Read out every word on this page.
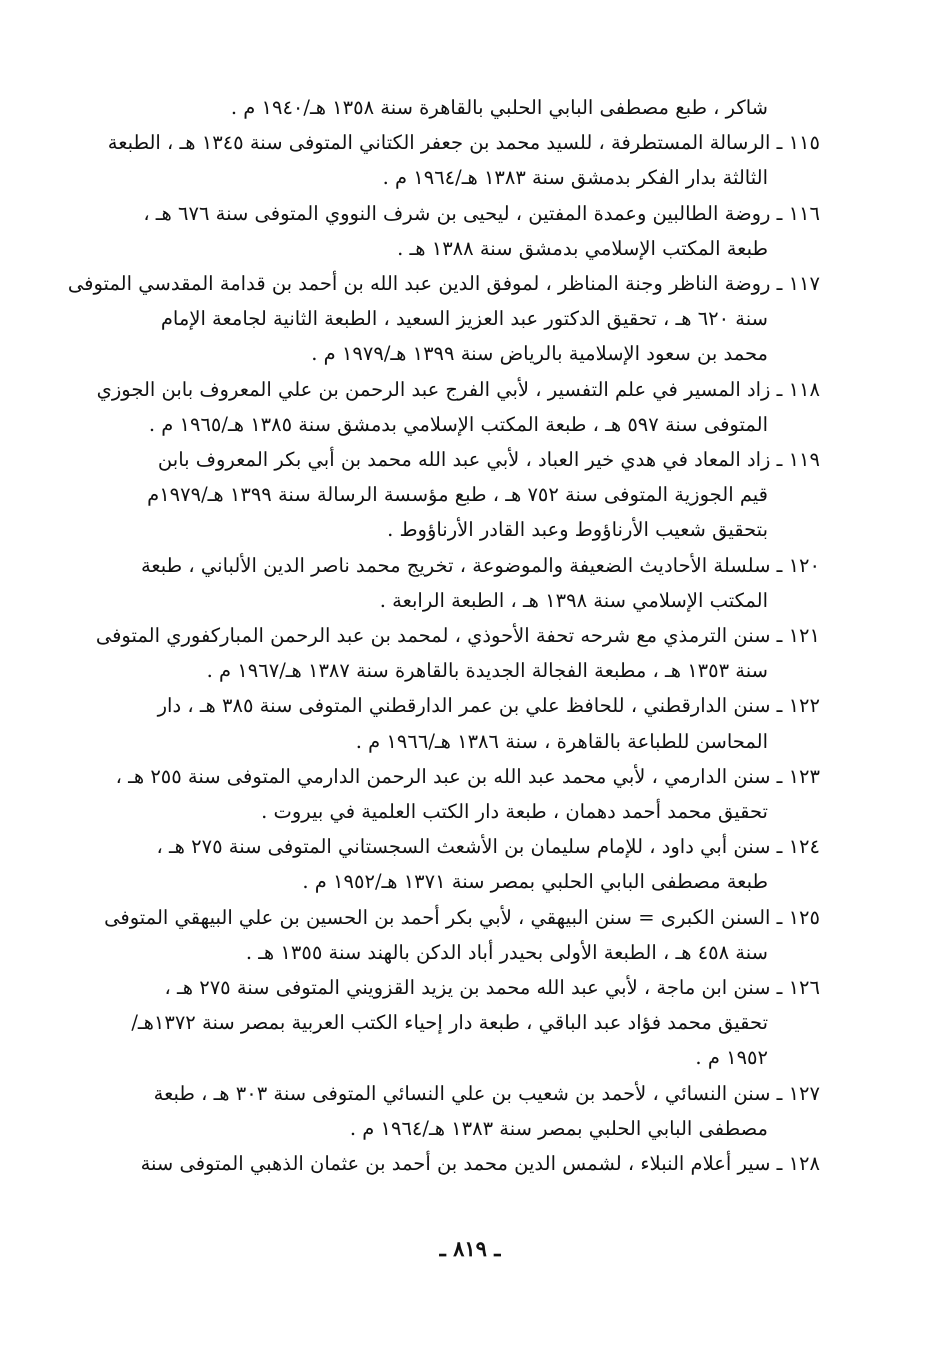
شاكر ، طبع مصطفى البابي الحلبي بالقاهرة سنة ١٣٥٨ هـ/١٩٤٠ م .
١١٥ ـ الرسالة المستطرفة ، للسيد محمد بن جعفر الكتاني المتوفى سنة ١٣٤٥ هـ ، الطبعة
الثالثة بدار الفكر بدمشق سنة ١٣٨٣ هـ/١٩٦٤ م .
١١٦ ـ روضة الطالبين وعمدة المفتين ، ليحيى بن شرف النووي المتوفى سنة ٦٧٦ هـ ،
طبعة المكتب الإسلامي بدمشق سنة ١٣٨٨ هـ .
١١٧ ـ روضة الناظر وجنة المناظر ، لموفق الدين عبد الله بن أحمد بن قدامة المقدسي المتوفى
سنة ٦٢٠ هـ ، تحقيق الدكتور عبد العزيز السعيد ، الطبعة الثانية لجامعة الإمام
محمد بن سعود الإسلامية بالرياض سنة ١٣٩٩ هـ/١٩٧٩ م .
١١٨ ـ زاد المسير في علم التفسير ، لأبي الفرج عبد الرحمن بن علي المعروف بابن الجوزي
المتوفى سنة ٥٩٧ هـ ، طبعة المكتب الإسلامي بدمشق سنة ١٣٨٥ هـ/١٩٦٥ م .
١١٩ ـ زاد المعاد في هدي خير العباد ، لأبي عبد الله محمد بن أبي بكر المعروف بابن
قيم الجوزية المتوفى سنة ٧٥٢ هـ ، طبع مؤسسة الرسالة سنة ١٣٩٩ هـ/١٩٧٩م
بتحقيق شعيب الأرناؤوط وعبد القادر الأرناؤوط .
١٢٠ ـ سلسلة الأحاديث الضعيفة والموضوعة ، تخريج محمد ناصر الدين الألباني ، طبعة
المكتب الإسلامي سنة ١٣٩٨ هـ ، الطبعة الرابعة .
١٢١ ـ سنن الترمذي مع شرحه تحفة الأحوذي ، لمحمد بن عبد الرحمن المباركفوري المتوفى
سنة ١٣٥٣ هـ ، مطبعة الفجالة الجديدة بالقاهرة سنة ١٣٨٧ هـ/١٩٦٧ م .
١٢٢ ـ سنن الدارقطني ، للحافظ علي بن عمر الدارقطني المتوفى سنة ٣٨٥ هـ ، دار
المحاسن للطباعة بالقاهرة ، سنة ١٣٨٦ هـ/١٩٦٦ م .
١٢٣ ـ سنن الدارمي ، لأبي محمد عبد الله بن عبد الرحمن الدارمي المتوفى سنة ٢٥٥ هـ ،
تحقيق محمد أحمد دهمان ، طبعة دار الكتب العلمية في بيروت .
١٢٤ ـ سنن أبي داود ، للإمام سليمان بن الأشعث السجستاني المتوفى سنة ٢٧٥ هـ ،
طبعة مصطفى البابي الحلبي بمصر سنة ١٣٧١ هـ/١٩٥٢ م .
١٢٥ ـ السنن الكبرى = سنن البيهقي ، لأبي بكر أحمد بن الحسين بن علي البيهقي المتوفى
سنة ٤٥٨ هـ ، الطبعة الأولى بحيدر أباد الدكن بالهند سنة ١٣٥٥ هـ .
١٢٦ ـ سنن ابن ماجة ، لأبي عبد الله محمد بن يزيد القزويني المتوفى سنة ٢٧٥ هـ ،
تحقيق محمد فؤاد عبد الباقي ، طبعة دار إحياء الكتب العربية بمصر سنة ١٣٧٢هـ/
١٩٥٢ م .
١٢٧ ـ سنن النسائي ، لأحمد بن شعيب بن علي النسائي المتوفى سنة ٣٠٣ هـ ، طبعة
مصطفى البابي الحلبي بمصر سنة ١٣٨٣ هـ/١٩٦٤ م .
١٢٨ ـ سير أعلام النبلاء ، لشمس الدين محمد بن أحمد بن عثمان الذهبي المتوفى سنة
ـ ٨١٩ ـ
